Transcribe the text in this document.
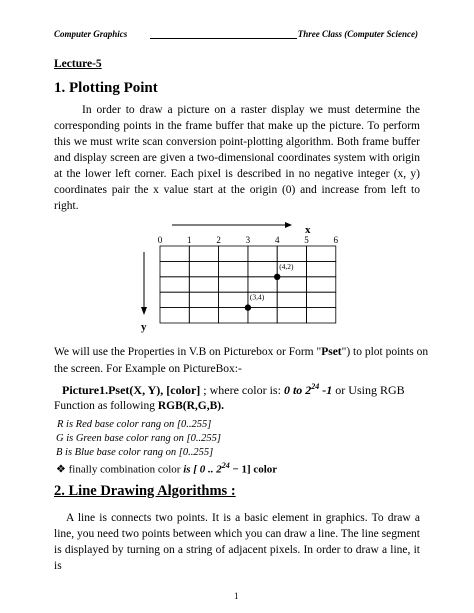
Computer Graphics	Three Class (Computer Science)
Lecture-5
1. Plotting Point

In order to draw a picture on a raster display we must determine the corresponding points in the frame buffer that make up the picture. To perform this we must write scan conversion point-plotting algorithm. Both frame buffer and display screen are given a two-dimensional coordinates system with origin at the lower left corner. Each pixel is described in no negative integer (x, y) coordinates pair the x value start at the origin (0) and increase from left to right.

x
0	1	2	3	4	5	6
y
(4,2)
(3,4)
We will use the Properties in V.B on Picturebox or Form "Pset") to plot points on
the screen. For Example on PictureBox:-
Picture1.Pset(X, Y), [color] ; where color is: 0 to $2^{24}$ -1 or Using RGB
Function as following RGB(R,G,B).
R is Red base color rang on [0..255]
G is Green base color rang on [0..255]
B is Blue base color rang on [0..255]
❖ finally combination color is [ 0 .. $2^{24} - 1$] color
2. Line Drawing Algorithms :

A line is connects two points. It is a basic element in graphics. To draw a line, you need two points between which you can draw a line. The line segment is displayed by turning on a string of adjacent pixels. In order to draw a line, it is

1
